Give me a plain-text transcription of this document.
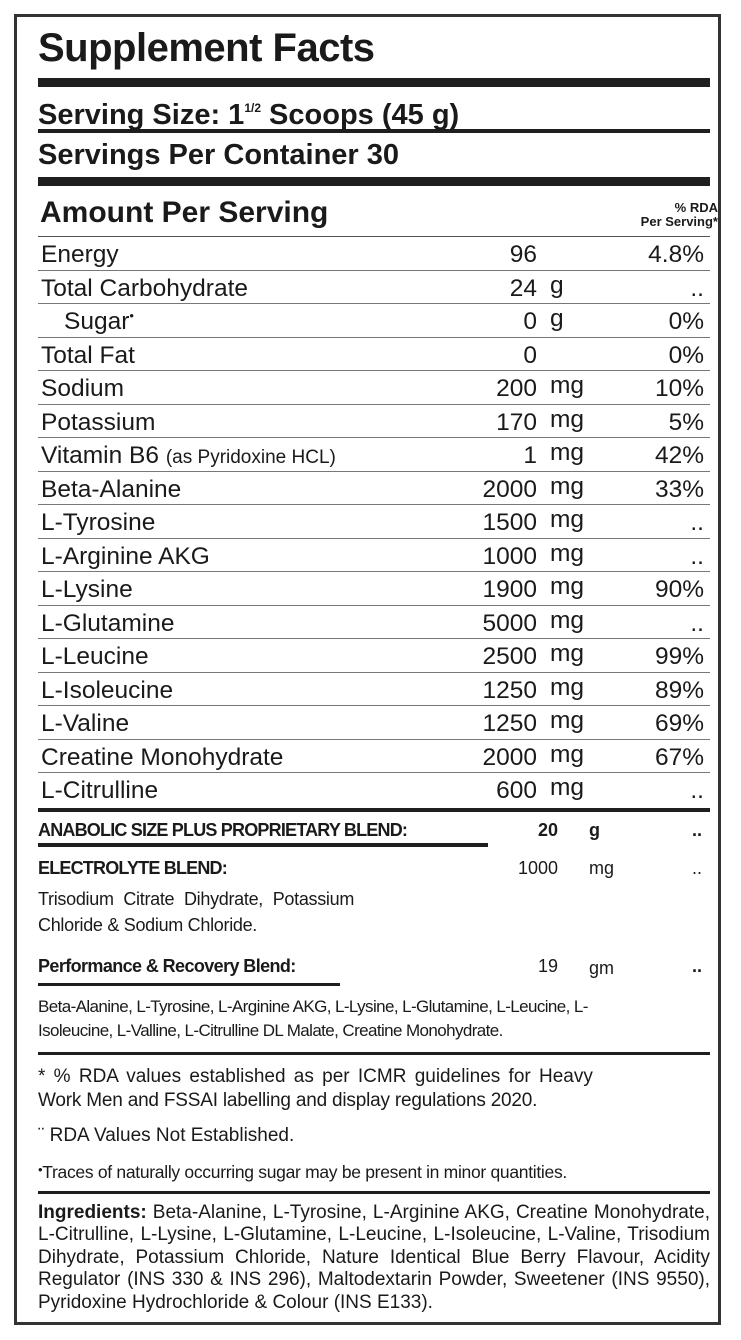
Supplement Facts
Serving Size: $1^{1/2}$ Scoops (45 g)
Servings Per Container 30
Amount Per Serving	% RDA
Per Serving*
Energy	96	4.8%
Total Carbohydrate	24 g	..
Sugar•	0 g	0%
Total Fat	0	0%
Sodium	200 mg	10%
Potassium	170 mg	5%
Vitamin B6 (as Pyridoxine HCL)	1 mg	42%
Beta-Alanine	2000 mg	33%
L-Tyrosine	1500 mg	..
L-Arginine AKG	1000 mg	..
L-Lysine	1900 mg	90%
L-Glutamine	5000 mg	..
L-Leucine	2500 mg	99%
L-Isoleucine	1250 mg	89%
L-Valine	1250 mg	69%
Creatine Monohydrate	2000 mg	67%
L-Citrulline	600 mg	..
ANABOLIC SIZE PLUS PROPRIETARY BLEND:	20 g	..
ELECTROLYTE BLEND:	1000 mg	..
Trisodium Citrate Dihydrate, Potassium
Chloride & Sodium Chloride.
Performance & Recovery Blend:	19 gm	..
Beta-Alanine, L-Tyrosine, L-Arginine AKG, L-Lysine, L-Glutamine, L-Leucine, L-
Isoleucine, L-Valline, L-Citrulline DL Malate, Creatine Monohydrate.
* % RDA values established as per ICMR guidelines for Heavy
Work Men and FSSAI labelling and display regulations 2020.
¨ RDA Values Not Established.
•Traces of naturally occurring sugar may be present in minor quantities.
Ingredients: Beta-Alanine, L-Tyrosine, L-Arginine AKG, Creatine Monohydrate, L-Citrulline, L-Lysine, L-Glutamine, L-Leucine, L-Isoleucine, L-Valine, Trisodium Dihydrate, Potassium Chloride, Nature Identical Blue Berry Flavour, Acidity Regulator (INS 330 & INS 296), Maltodextarin Powder, Sweetener (INS 9550), Pyridoxine Hydrochloride & Colour (INS E133).
